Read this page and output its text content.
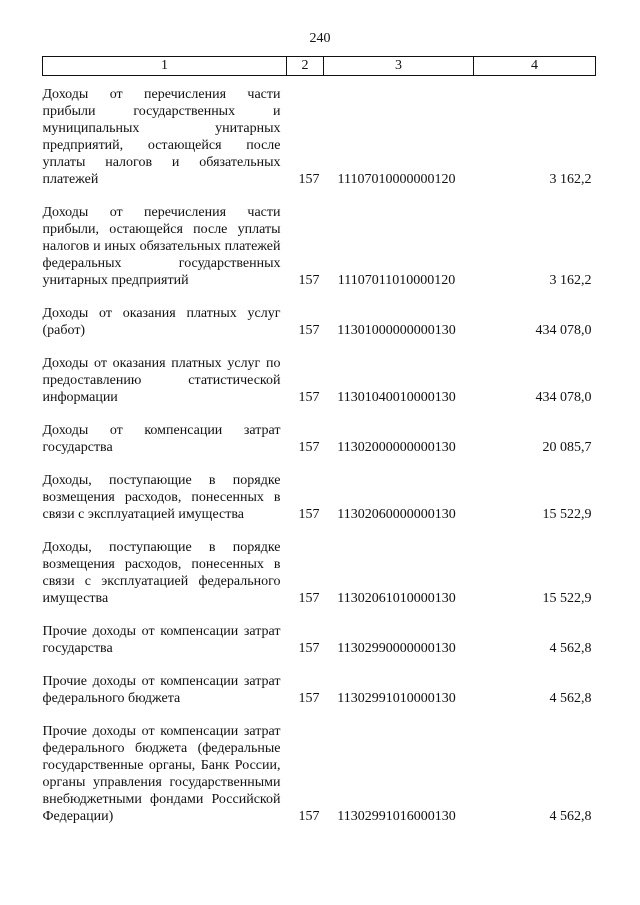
240
1	2	3	4
Доходы от перечисления части прибыли государственных и муниципальных унитарных предприятий, остающейся после уплаты налогов и обязательных платежей	157	11107010000000120	3 162,2
Доходы от перечисления части прибыли, остающейся после уплаты налогов и иных обязательных платежей федеральных государственных унитарных предприятий	157	11107011010000120	3 162,2
Доходы от оказания платных услуг (работ)	157	11301000000000130	434 078,0
Доходы от оказания платных услуг по предоставлению статистической информации	157	11301040010000130	434 078,0
Доходы от компенсации затрат государства	157	11302000000000130	20 085,7
Доходы, поступающие в порядке возмещения расходов, понесенных в связи с эксплуатацией имущества	157	11302060000000130	15 522,9
Доходы, поступающие в порядке возмещения расходов, понесенных в связи с эксплуатацией федерального имущества	157	11302061010000130	15 522,9
Прочие доходы от компенсации затрат государства	157	11302990000000130	4 562,8
Прочие доходы от компенсации затрат федерального бюджета	157	11302991010000130	4 562,8
Прочие доходы от компенсации затрат федерального бюджета (федеральные государственные органы, Банк России, органы управления государственными внебюджетными фондами Российской Федерации)	157	11302991016000130	4 562,8
